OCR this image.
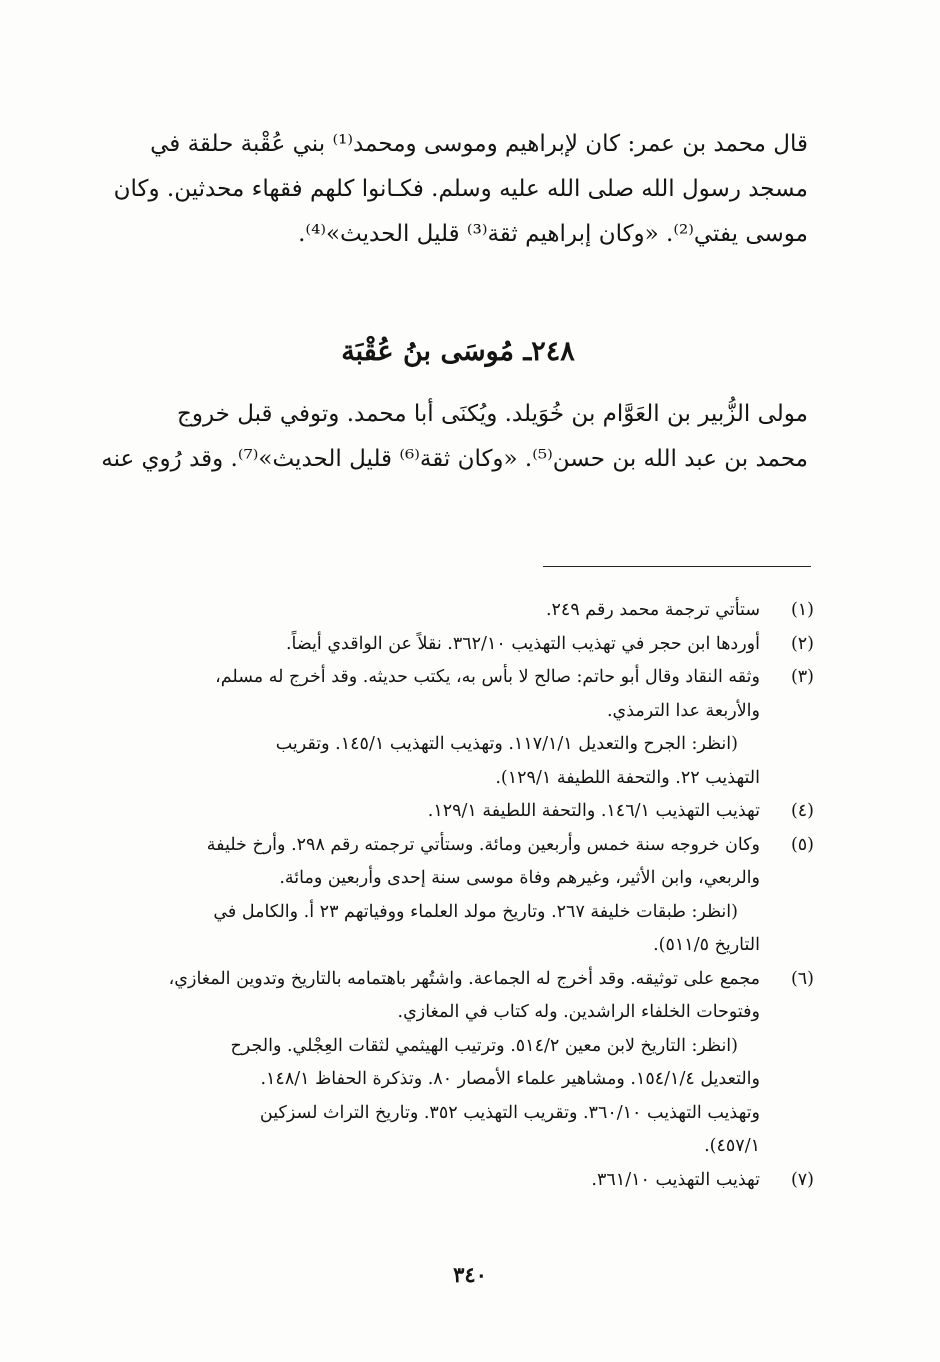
قال محمد بن عمر: كان لإبراهيم وموسى ومحمد⁽¹⁾ بني عُقْبة حلقة في
مسجد رسول الله صلى الله عليه وسلم. فكـانوا كلهم فقهاء محدثين. وكان
موسى يفتي⁽²⁾. «وكان إبراهيم ثقة⁽³⁾ قليل الحديث»⁽⁴⁾.
٢٤٨ـ مُوسَى بنُ عُقْبَة
مولى الزُّبير بن العَوَّام بن خُوَيلد. ويُكنَى أبا محمد. وتوفي قبل خروج
محمد بن عبد الله بن حسن⁽⁵⁾. «وكان ثقة⁽⁶⁾ قليل الحديث»⁽⁷⁾. وقد رُوي عنه
(١)
ستأتي ترجمة محمد رقم ٢٤٩.
(٢)
أوردها ابن حجر في تهذيب التهذيب ٣٦٢/١٠. نقلاً عن الواقدي أيضاً.
(٣)
وثقه النقاد وقال أبو حاتم: صالح لا بأس به، يكتب حديثه. وقد أخرج له مسلم،
والأربعة عدا الترمذي.
(انظر: الجرح والتعديل ١١٧/١/١. وتهذيب التهذيب ١٤٥/١. وتقريب
التهذيب ٢٢. والتحفة اللطيفة ١٢٩/١).
(٤)
تهذيب التهذيب ١٤٦/١. والتحفة اللطيفة ١٢٩/١.
(٥)
وكان خروجه سنة خمس وأربعين ومائة. وستأتي ترجمته رقم ٢٩٨. وأرخ خليفة
والربعي، وابن الأثير، وغيرهم وفاة موسى سنة إحدى وأربعين ومائة.
(انظر: طبقات خليفة ٢٦٧. وتاريخ مولد العلماء ووفياتهم ٢٣ أ. والكامل في
التاريخ ٥١١/٥).
(٦)
مجمع على توثيقه. وقد أخرج له الجماعة. واشتُهر باهتمامه بالتاريخ وتدوين المغازي،
وفتوحات الخلفاء الراشدين. وله كتاب في المغازي.
(انظر: التاريخ لابن معين ٥١٤/٢. وترتيب الهيثمي لثقات العِجْلي. والجرح
والتعديل ١٥٤/١/٤. ومشاهير علماء الأمصار ٨٠. وتذكرة الحفاظ ١٤٨/١.
وتهذيب التهذيب ٣٦٠/١٠. وتقريب التهذيب ٣٥٢. وتاريخ التراث لسزكين
٤٥٧/١).
(٧)
تهذيب التهذيب ٣٦١/١٠.
٣٤٠
